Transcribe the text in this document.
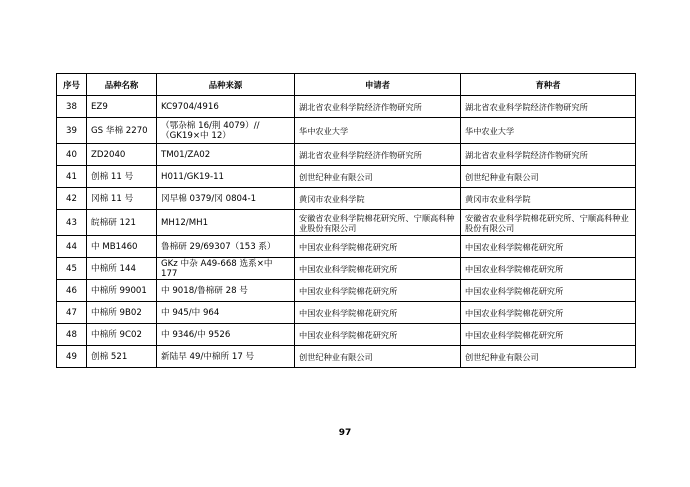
序号	品种名称	品种来源	申请者	育种者
38	EZ9	KC9704/4916	湖北省农业科学院经济作物研究所	湖北省农业科学院经济作物研究所
39	GS 华棉 2270	（鄂杂棉 16/荆 4079）//（GK19×中 12）	华中农业大学	华中农业大学
40	ZD2040	TM01/ZA02	湖北省农业科学院经济作物研究所	湖北省农业科学院经济作物研究所
41	创棉 11 号	H011/GK19-11	创世纪种业有限公司	创世纪种业有限公司
42	冈棉 11 号	冈早棉 0379/冈 0804-1	黄冈市农业科学院	黄冈市农业科学院
43	皖棉研 121	MH12/MH1	安徽省农业科学院棉花研究所、宁顺高科种业股份有限公司	安徽省农业科学院棉花研究所、宁顺高科种业股份有限公司
44	中 MB1460	鲁棉研 29/69307（153 系）	中国农业科学院棉花研究所	中国农业科学院棉花研究所
45	中棉所 144	GKz 中杂 A49-668 选系×中 177	中国农业科学院棉花研究所	中国农业科学院棉花研究所
46	中棉所 99001	中 9018/鲁棉研 28 号	中国农业科学院棉花研究所	中国农业科学院棉花研究所
47	中棉所 9B02	中 945/中 964	中国农业科学院棉花研究所	中国农业科学院棉花研究所
48	中棉所 9C02	中 9346/中 9526	中国农业科学院棉花研究所	中国农业科学院棉花研究所
49	创棉 521	新陆早 49/中棉所 17 号	创世纪种业有限公司	创世纪种业有限公司
97
